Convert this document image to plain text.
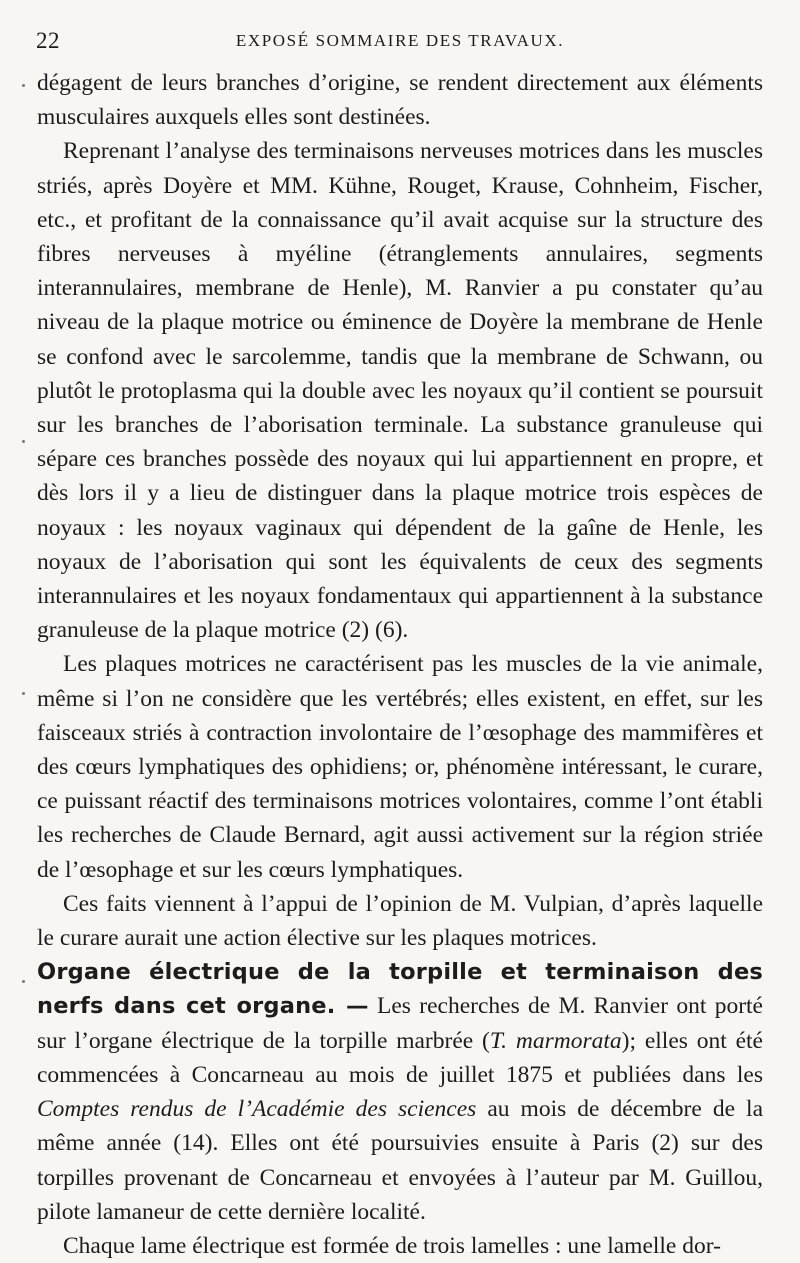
22	EXPOSÉ SOMMAIRE DES TRAVAUX.

dégagent de leurs branches d’origine, se rendent directement aux éléments musculaires auxquels elles sont destinées.

Reprenant l’analyse des terminaisons nerveuses motrices dans les muscles striés, après Doyère et MM. Kühne, Rouget, Krause, Cohnheim, Fischer, etc., et profitant de la connaissance qu’il avait acquise sur la structure des fibres nerveuses à myéline (étranglements annulaires, segments interannulaires, membrane de Henle), M. Ranvier a pu constater qu’au niveau de la plaque motrice ou éminence de Doyère la membrane de Henle se confond avec le sarcolemme, tandis que la membrane de Schwann, ou plutôt le protoplasma qui la double avec les noyaux qu’il contient se poursuit sur les branches de l’aborisation terminale. La substance granuleuse qui sépare ces branches possède des noyaux qui lui appartiennent en propre, et dès lors il y a lieu de distinguer dans la plaque motrice trois espèces de noyaux : les noyaux vaginaux qui dépendent de la gaîne de Henle, les noyaux de l’aborisation qui sont les équivalents de ceux des segments interannulaires et les noyaux fondamentaux qui appartiennent à la substance granuleuse de la plaque motrice (2) (6).

Les plaques motrices ne caractérisent pas les muscles de la vie animale, même si l’on ne considère que les vertébrés; elles existent, en effet, sur les faisceaux striés à contraction involontaire de l’œsophage des mammifères et des cœurs lymphatiques des ophidiens; or, phénomène intéressant, le curare, ce puissant réactif des terminaisons motrices volontaires, comme l’ont établi les recherches de Claude Bernard, agit aussi activement sur la région striée de l’œsophage et sur les cœurs lymphatiques.

Ces faits viennent à l’appui de l’opinion de M. Vulpian, d’après laquelle le curare aurait une action élective sur les plaques motrices.

Organe électrique de la torpille et terminaison des nerfs dans cet organe. — Les recherches de M. Ranvier ont porté sur l’organe électrique de la torpille marbrée (T. marmorata); elles ont été commencées à Concarneau au mois de juillet 1875 et publiées dans les Comptes rendus de l’Académie des sciences au mois de décembre de la même année (14). Elles ont été poursuivies ensuite à Paris (2) sur des torpilles provenant de Concarneau et envoyées à l’auteur par M. Guillou, pilote lamaneur de cette dernière localité.

Chaque lame électrique est formée de trois lamelles : une lamelle dor-
